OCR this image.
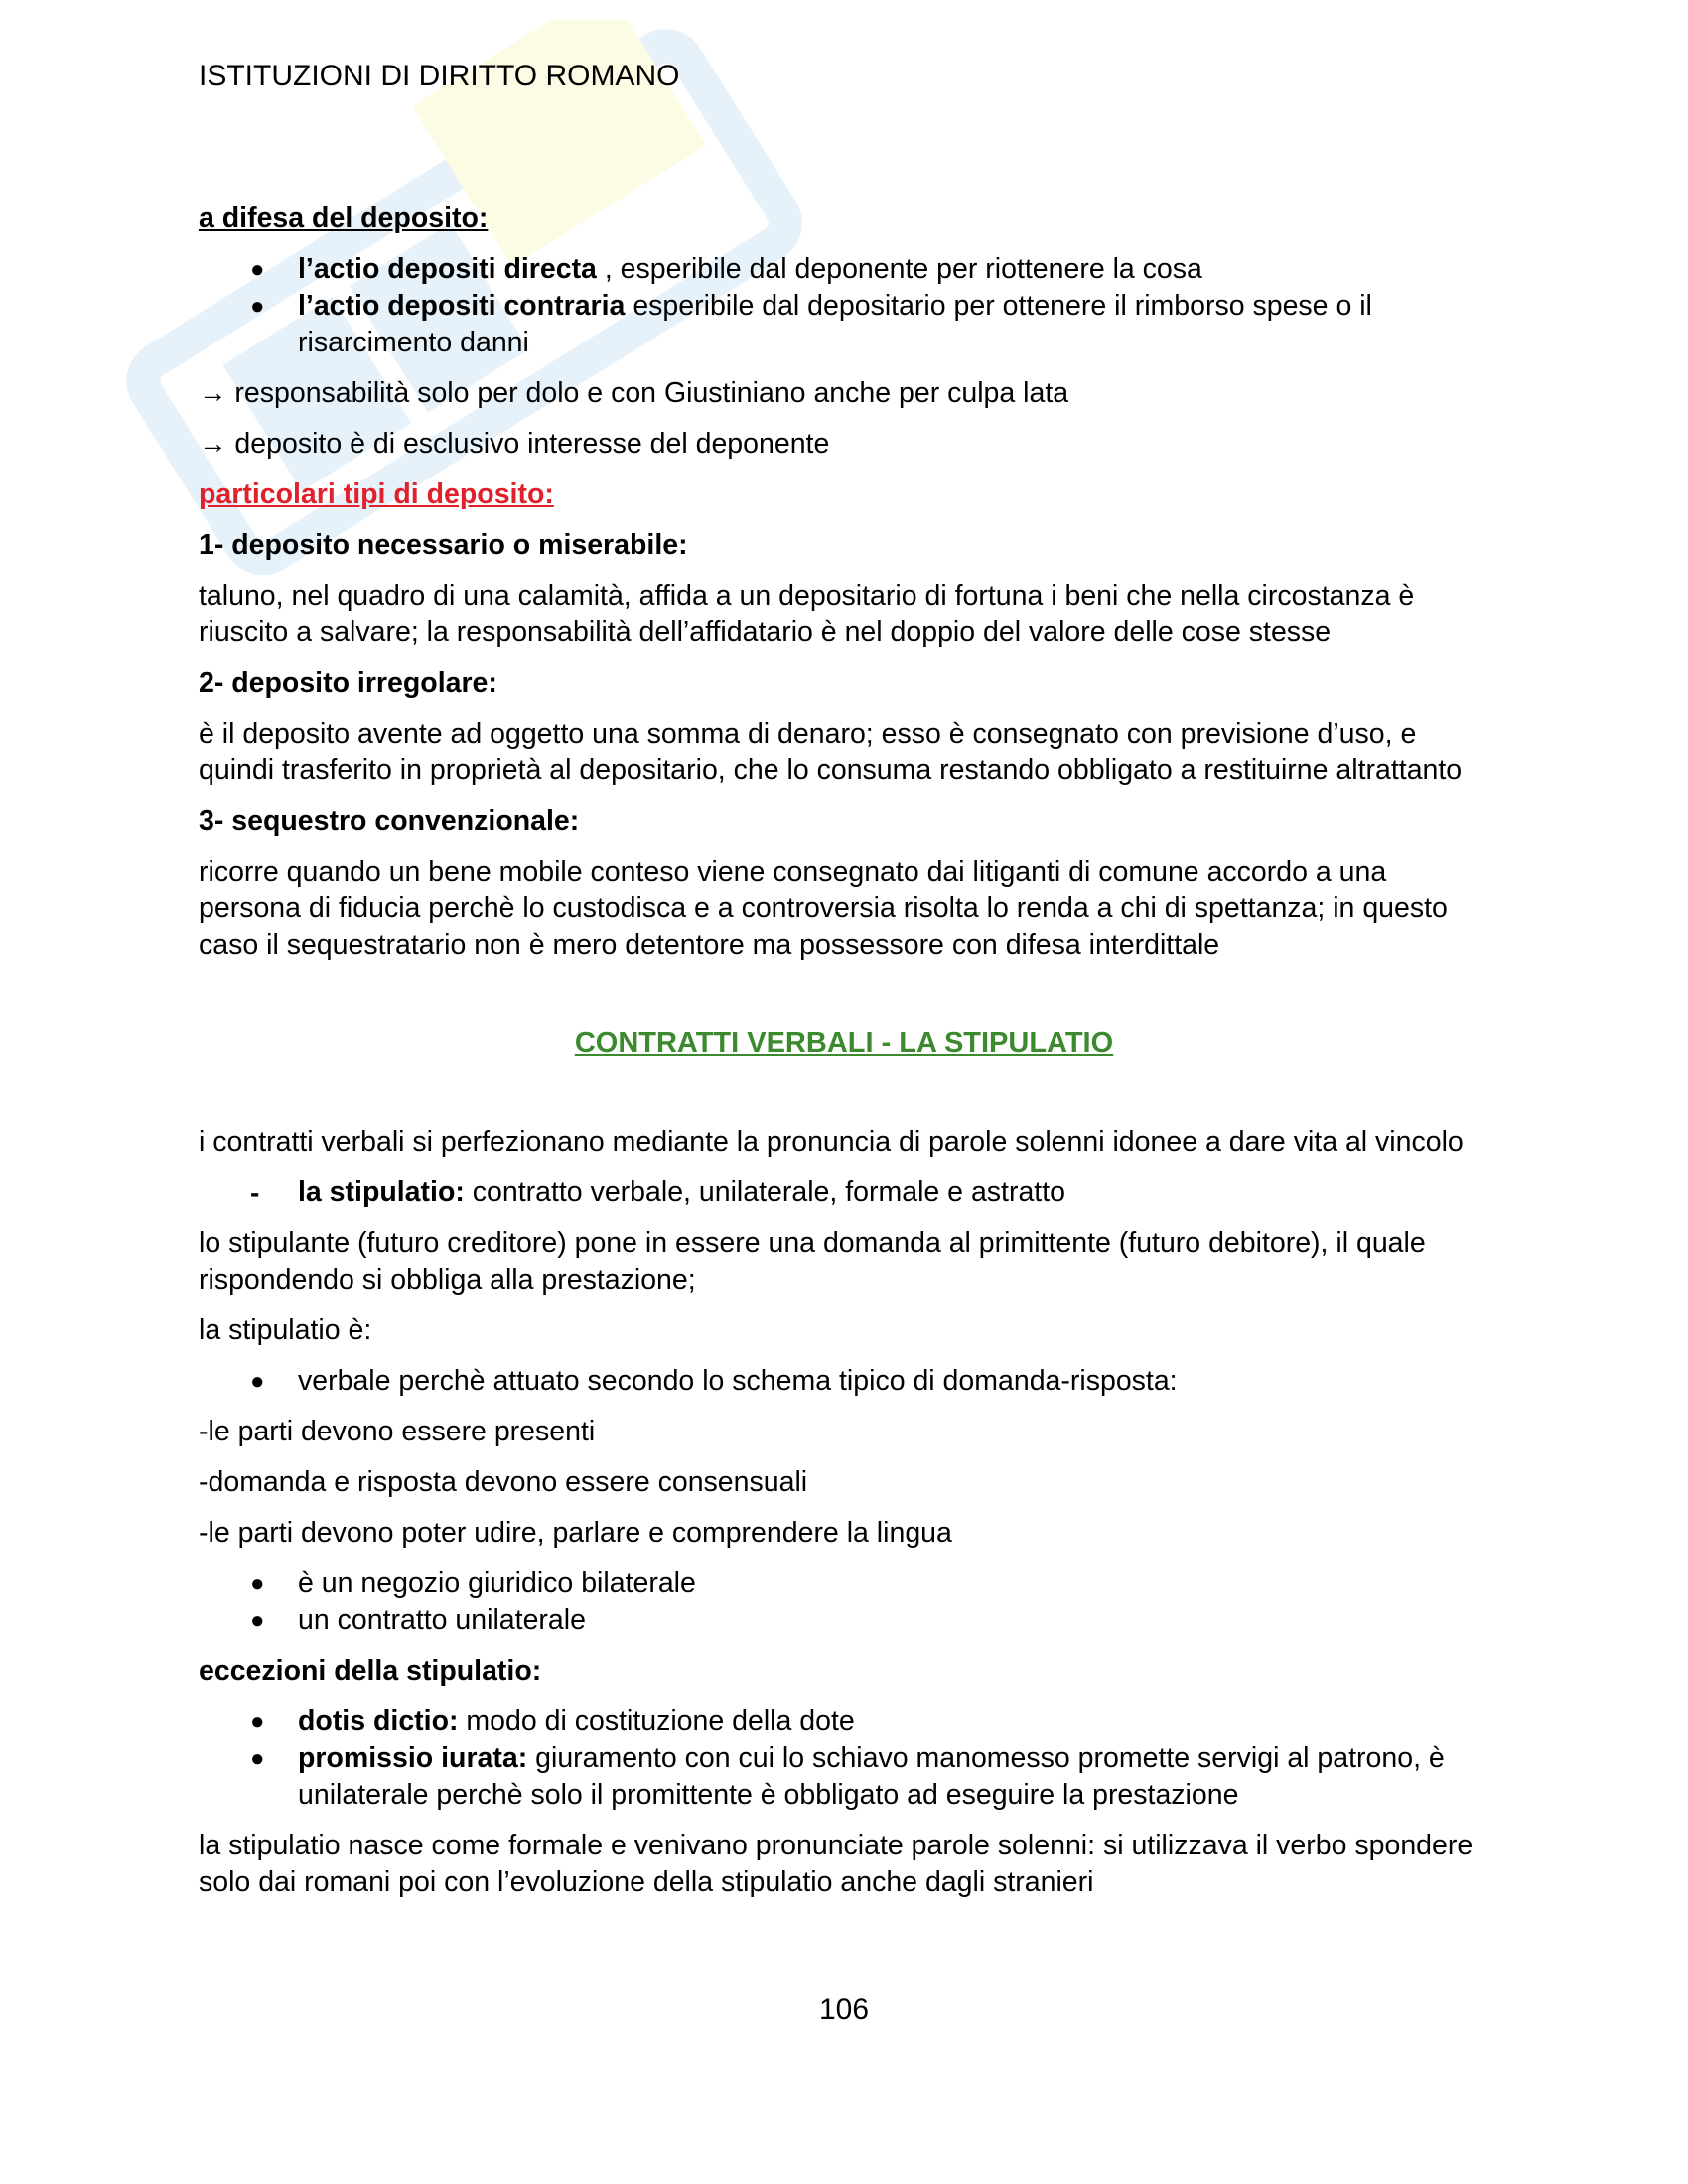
ISTITUZIONI DI DIRITTO ROMANO

a difesa del deposito:

● l’actio depositi directa , esperibile dal deponente per riottenere la cosa
● l’actio depositi contraria esperibile dal depositario per ottenere il rimborso spese o il risarcimento danni

→ responsabilità solo per dolo e con Giustiniano anche per culpa lata

→ deposito è di esclusivo interesse del deponente

particolari tipi di deposito:

1- deposito necessario o miserabile:

taluno, nel quadro di una calamità, affida a un depositario di fortuna i beni che nella circostanza è riuscito a salvare; la responsabilità dell’affidatario è nel doppio del valore delle cose stesse

2- deposito irregolare:

è il deposito avente ad oggetto una somma di denaro; esso è consegnato con previsione d’uso, e quindi trasferito in proprietà al depositario, che lo consuma restando obbligato a restituirne altrattanto

3- sequestro convenzionale:

ricorre quando un bene mobile conteso viene consegnato dai litiganti di comune accordo a una persona di fiducia perchè lo custodisca e a controversia risolta lo renda a chi di spettanza; in questo caso il sequestratario non è mero detentore ma possessore con difesa interdittale

CONTRATTI VERBALI - LA STIPULATIO

i contratti verbali si perfezionano mediante la pronuncia di parole solenni idonee a dare vita al vincolo

- la stipulatio: contratto verbale, unilaterale, formale e astratto

lo stipulante (futuro creditore) pone in essere una domanda al primittente (futuro debitore), il quale rispondendo si obbliga alla prestazione;

la stipulatio è:

● verbale perchè attuato secondo lo schema tipico di domanda-risposta:

-le parti devono essere presenti

-domanda e risposta devono essere consensuali

-le parti devono poter udire, parlare e comprendere la lingua

● è un negozio giuridico bilaterale
● un contratto unilaterale

eccezioni della stipulatio:

● dotis dictio: modo di costituzione della dote
● promissio iurata: giuramento con cui lo schiavo manomesso promette servigi al patrono, è unilaterale perchè solo il promittente è obbligato ad eseguire la prestazione

la stipulatio nasce come formale e venivano pronunciate parole solenni: si utilizzava il verbo spondere solo dai romani poi con l’evoluzione della stipulatio anche dagli stranieri

106
